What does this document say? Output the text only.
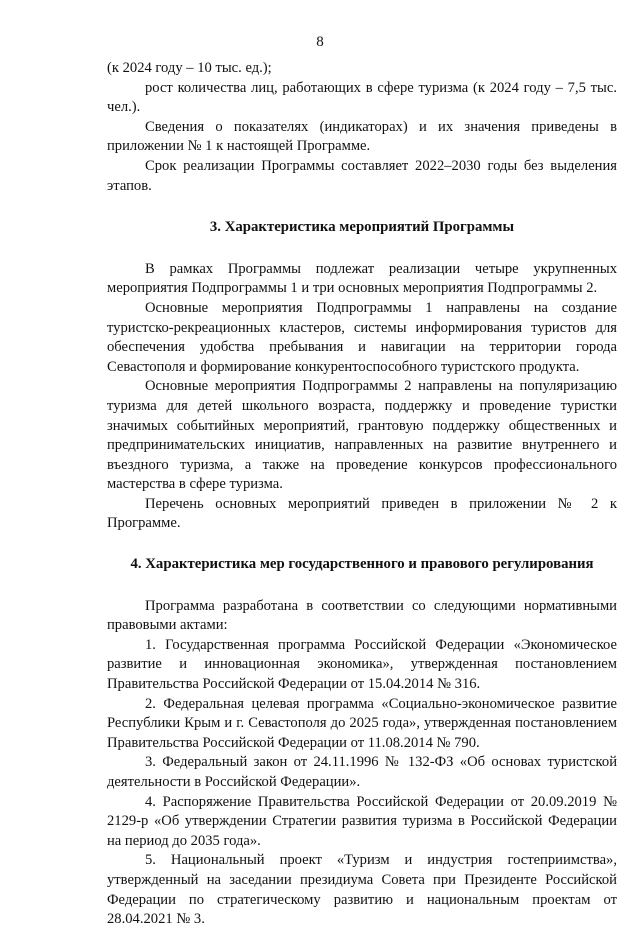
8

(к 2024 году – 10 тыс. ед.);

рост количества лиц, работающих в сфере туризма (к 2024 году – 7,5 тыс. чел.).

Сведения о показателях (индикаторах) и их значения приведены в приложении № 1 к настоящей Программе.

Срок реализации Программы составляет 2022–2030 годы без выделения этапов.

3. Характеристика мероприятий Программы

В рамках Программы подлежат реализации четыре укрупненных мероприятия Подпрограммы 1 и три основных мероприятия Подпрограммы 2.

Основные мероприятия Подпрограммы 1 направлены на создание туристско-рекреационных кластеров, системы информирования туристов для обеспечения удобства пребывания и навигации на территории города Севастополя и формирование конкурентоспособного туристского продукта.

Основные мероприятия Подпрограммы 2 направлены на популяризацию туризма для детей школьного возраста, поддержку и проведение туристки значимых событийных мероприятий, грантовую поддержку общественных и предпринимательских инициатив, направленных на развитие внутреннего и въездного туризма, а также на проведение конкурсов профессионального мастерства в сфере туризма.

Перечень основных мероприятий приведен в приложении № 2 к Программе.

4. Характеристика мер государственного и правового регулирования

Программа разработана в соответствии со следующими нормативными правовыми актами:

1. Государственная программа Российской Федерации «Экономическое развитие и инновационная экономика», утвержденная постановлением Правительства Российской Федерации от 15.04.2014 № 316.

2. Федеральная целевая программа «Социально-экономическое развитие Республики Крым и г. Севастополя до 2025 года», утвержденная постановлением Правительства Российской Федерации от 11.08.2014 № 790.

3. Федеральный закон от 24.11.1996 № 132-ФЗ «Об основах туристской деятельности в Российской Федерации».

4. Распоряжение Правительства Российской Федерации от 20.09.2019 № 2129-р «Об утверждении Стратегии развития туризма в Российской Федерации на период до 2035 года».

5. Национальный проект «Туризм и индустрия гостеприимства», утвержденный на заседании президиума Совета при Президенте Российской Федерации по стратегическому развитию и национальным проектам от 28.04.2021 № 3.
